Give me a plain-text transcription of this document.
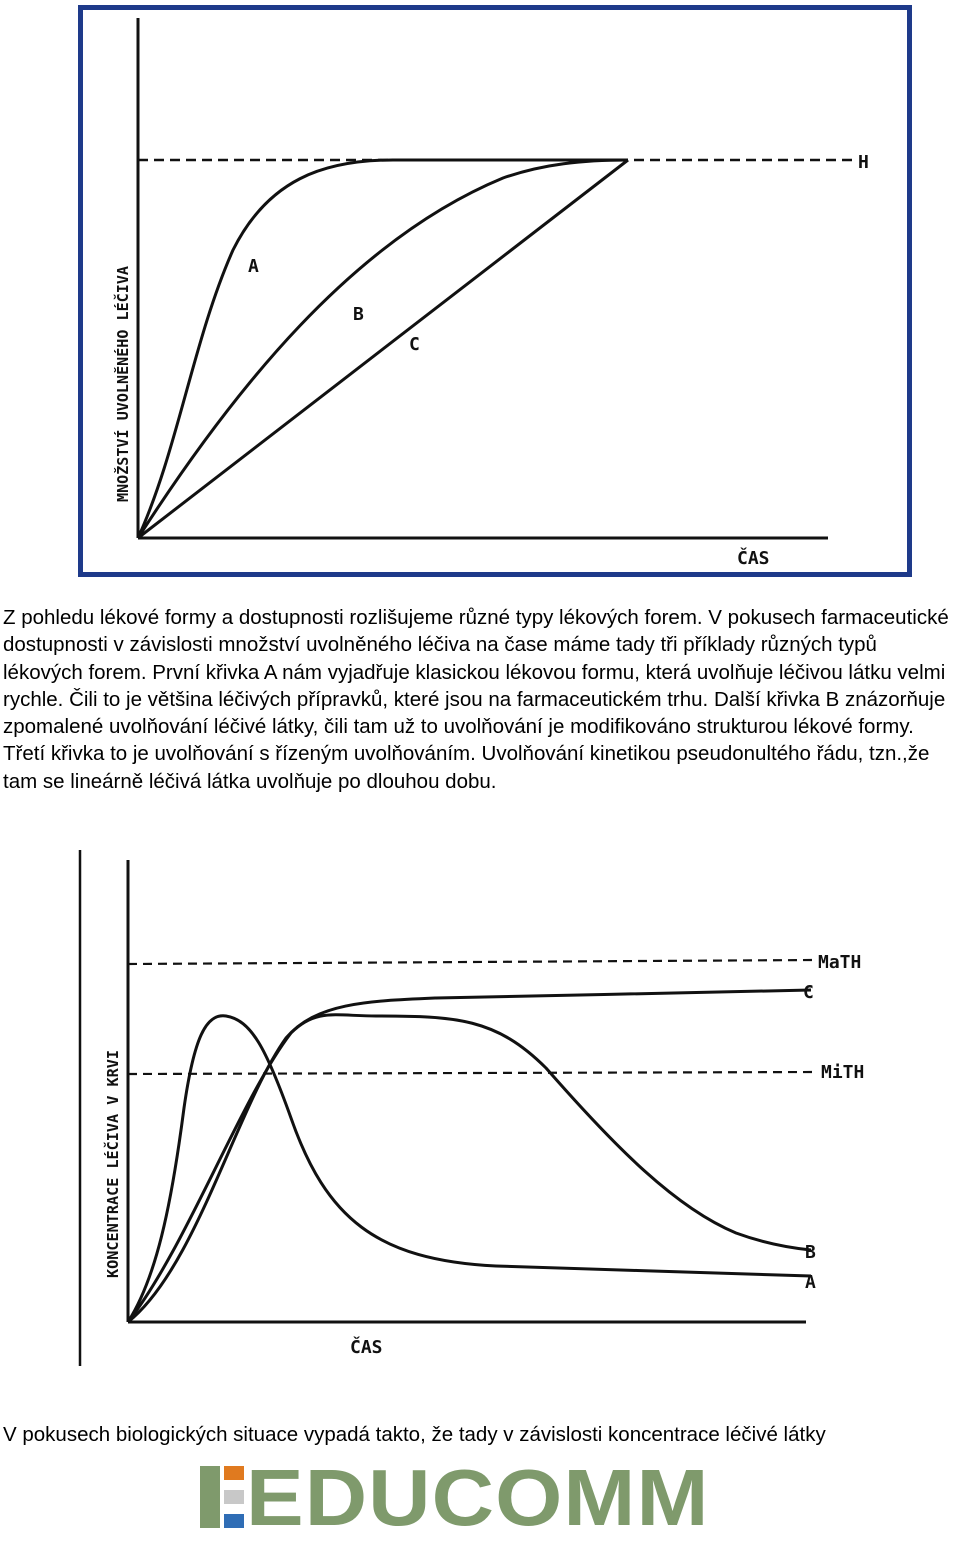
A
B
C
H
ČAS
MNOŽSTVÍ UVOLNĚNÉHO LÉČIVA

Z pohledu lékové formy a dostupnosti rozlišujeme různé typy lékových forem. V pokusech farmaceutické dostupnosti v závislosti množství uvolněného léčiva na čase máme tady tři příklady různých typů lékových forem. První křivka A nám vyjadřuje klasickou lékovou formu, která uvolňuje léčivou látku velmi rychle. Čili to je většina léčivých přípravků, které jsou na farmaceutickém trhu. Další křivka B znázorňuje zpomalené uvolňování léčivé látky, čili tam už to uvolňování je modifikováno strukturou lékové formy. Třetí křivka to je uvolňování s řízeným uvolňováním. Uvolňování kinetikou pseudonultého řádu, tzn.,že tam se lineárně léčivá látka uvolňuje po dlouhou dobu.

MaTH
MiTH
C
B
A
ČAS
KONCENTRACE LÉČIVA V KRVI

V pokusech biologických situace vypadá takto, že tady v závislosti koncentrace léčivé látky

EDUCOMM
